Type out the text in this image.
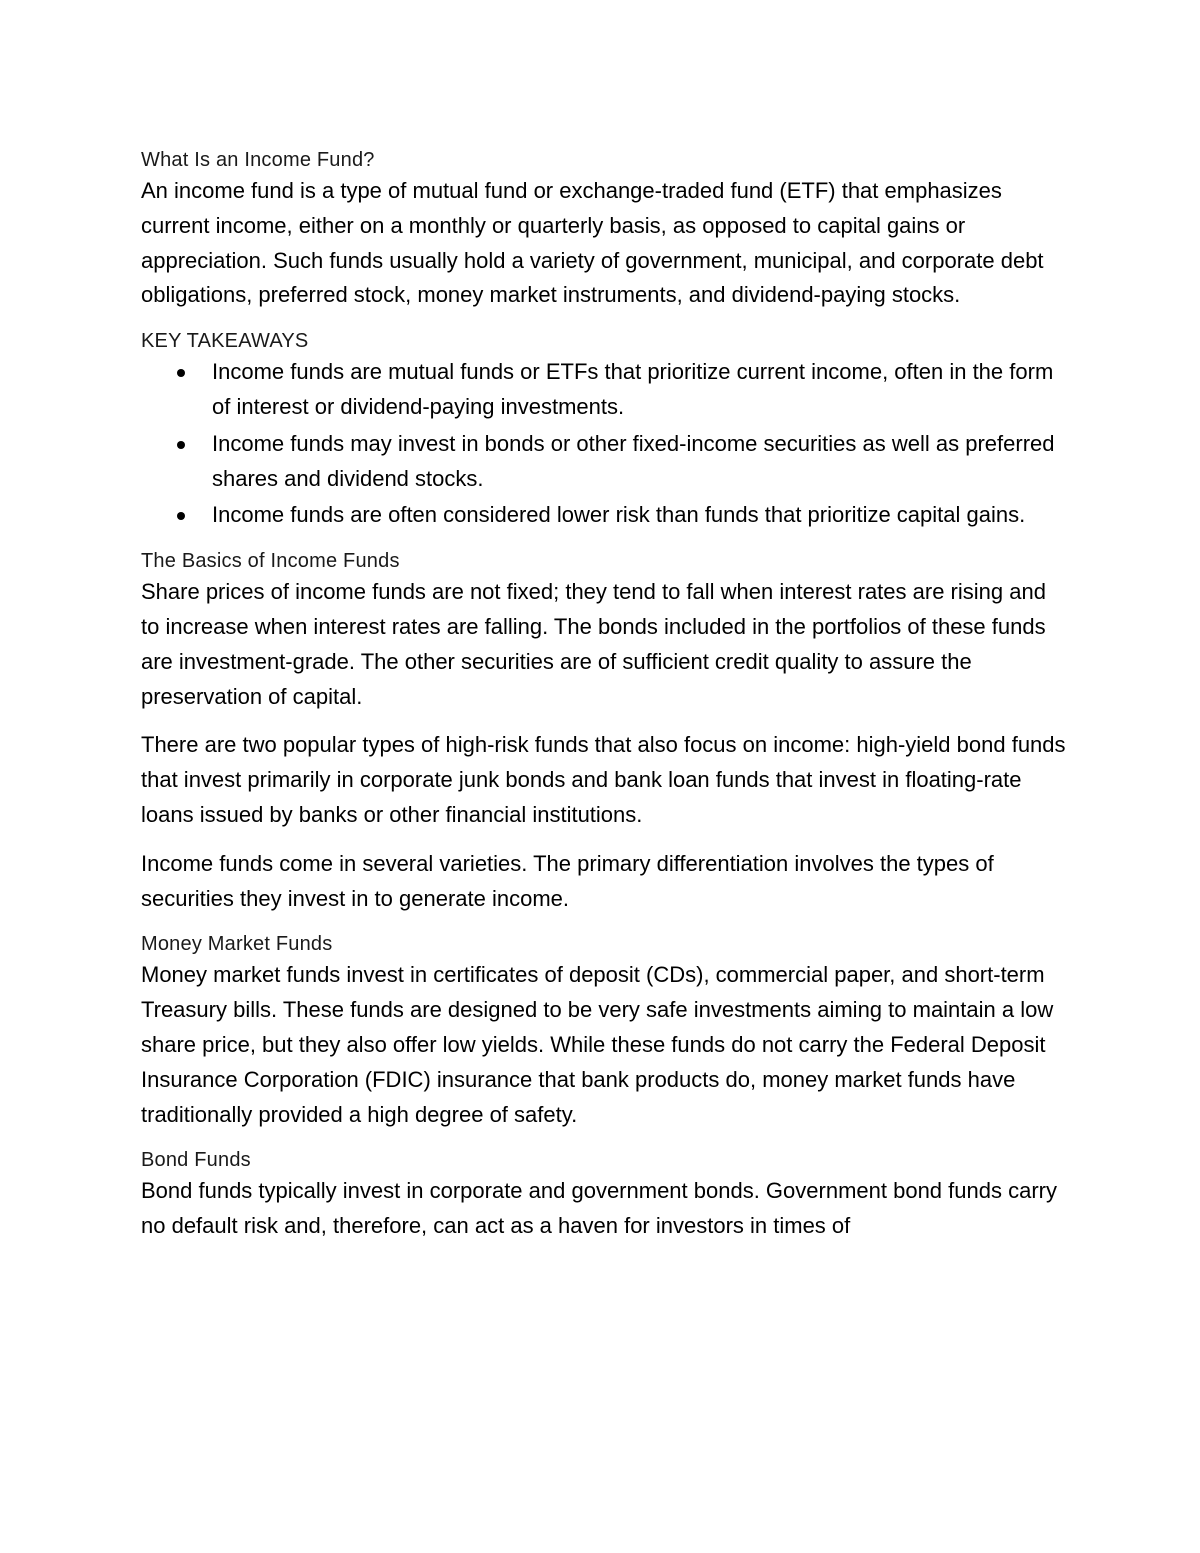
What Is an Income Fund?

An income fund is a type of mutual fund or exchange-traded fund (ETF) that emphasizes current income, either on a monthly or quarterly basis, as opposed to capital gains or appreciation. Such funds usually hold a variety of government, municipal, and corporate debt obligations, preferred stock, money market instruments, and dividend-paying stocks.

KEY TAKEAWAYS
Income funds are mutual funds or ETFs that prioritize current income, often in the form of interest or dividend-paying investments.
Income funds may invest in bonds or other fixed-income securities as well as preferred shares and dividend stocks.
Income funds are often considered lower risk than funds that prioritize capital gains.
The Basics of Income Funds

Share prices of income funds are not fixed; they tend to fall when interest rates are rising and to increase when interest rates are falling. The bonds included in the portfolios of these funds are investment-grade. The other securities are of sufficient credit quality to assure the preservation of capital.

There are two popular types of high-risk funds that also focus on income: high-yield bond funds that invest primarily in corporate junk bonds and bank loan funds that invest in floating-rate loans issued by banks or other financial institutions.

Income funds come in several varieties. The primary differentiation involves the types of securities they invest in to generate income.

Money Market Funds

Money market funds invest in certificates of deposit (CDs), commercial paper, and short-term Treasury bills. These funds are designed to be very safe investments aiming to maintain a low share price, but they also offer low yields. While these funds do not carry the Federal Deposit Insurance Corporation (FDIC) insurance that bank products do, money market funds have traditionally provided a high degree of safety.

Bond Funds

Bond funds typically invest in corporate and government bonds. Government bond funds carry no default risk and, therefore, can act as a haven for investors in times of
